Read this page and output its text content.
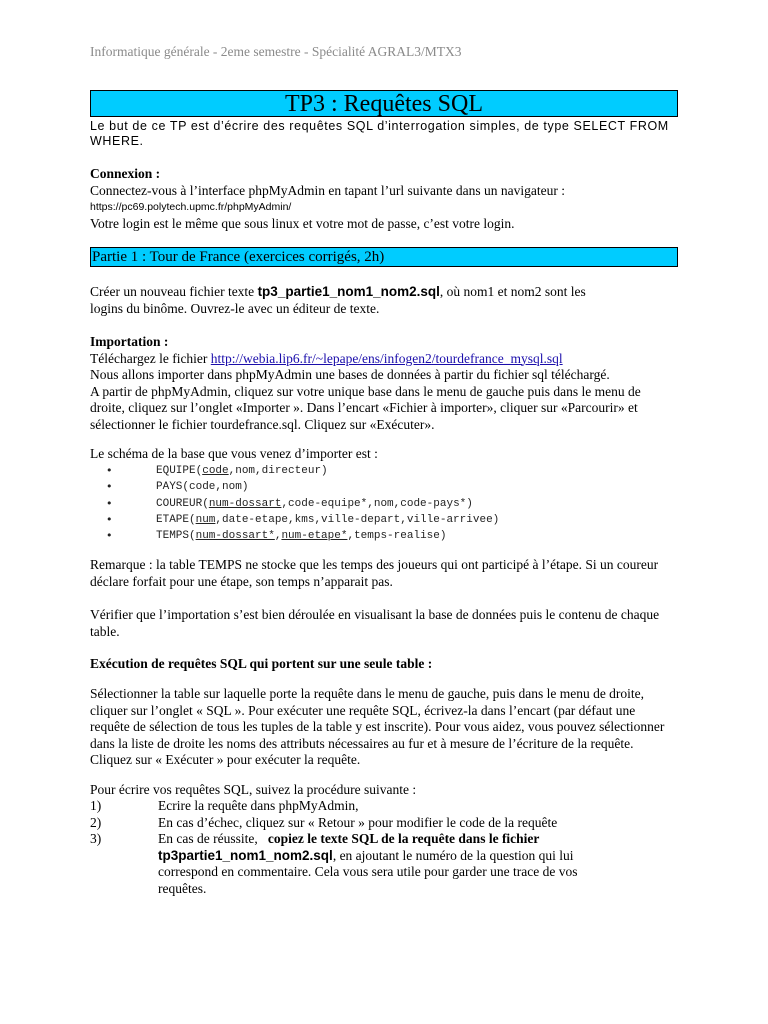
Informatique générale - 2eme semestre - Spécialité AGRAL3/MTX3
TP3 : Requêtes SQL
Le but de ce TP est d’écrire des requêtes SQL d’interrogation simples, de type SELECT FROM WHERE.
Connexion :
Connectez-vous à l’interface phpMyAdmin en tapant l’url suivante dans un navigateur :
https://pc69.polytech.upmc.fr/phpMyAdmin/
Votre login est le même que sous linux et votre mot de passe, c’est votre login.
Partie 1 : Tour de France (exercices corrigés, 2h)
Créer un nouveau fichier texte tp3_partie1_nom1_nom2.sql, où nom1 et nom2 sont les
logins du binôme. Ouvrez-le avec un éditeur de texte.
Importation :
Téléchargez le fichier http://webia.lip6.fr/~lepape/ens/infogen2/tourdefrance_mysql.sql
Nous allons importer dans phpMyAdmin une bases de données à partir du fichier sql téléchargé.
A partir de phpMyAdmin, cliquez sur votre unique base dans le menu de gauche puis dans le menu de
droite, cliquez sur l’onglet «Importer ». Dans l’encart «Fichier à importer», cliquer sur «Parcourir» et
sélectionner le fichier tourdefrance.sql. Cliquez sur «Exécuter».
Le schéma de la base que vous venez d’importer est :
•	EQUIPE(code,nom,directeur)
•	PAYS(code,nom)
•	COUREUR(num-dossart,code-equipe*,nom,code-pays*)
•	ETAPE(num,date-etape,kms,ville-depart,ville-arrivee)
•	TEMPS(num-dossart*,num-etape*,temps-realise)
Remarque : la table TEMPS ne stocke que les temps des joueurs qui ont participé à l’étape. Si un coureur
déclare forfait pour une étape, son temps n’apparait pas.
Vérifier que l’importation s’est bien déroulée en visualisant la base de données puis le contenu de chaque
table.
Exécution de requêtes SQL qui portent sur une seule table :
Sélectionner la table sur laquelle porte la requête dans le menu de gauche, puis dans le menu de droite,
cliquer sur l’onglet « SQL ». Pour exécuter une requête SQL, écrivez-la dans l’encart (par défaut une
requête de sélection de tous les tuples de la table y est inscrite). Pour vous aidez, vous pouvez sélectionner
dans la liste de droite les noms des attributs nécessaires au fur et à mesure de l’écriture de la requête.
Cliquez sur « Exécuter » pour exécuter la requête.
Pour écrire vos requêtes SQL, suivez la procédure suivante :
1)	Ecrire la requête dans phpMyAdmin,
2)	En cas d’échec, cliquez sur « Retour » pour modifier le code de la requête
3)	En cas de réussite,   copiez le texte SQL de la requête dans le fichier
tp3partie1_nom1_nom2.sql, en ajoutant le numéro de la question qui lui
correspond en commentaire. Cela vous sera utile pour garder une trace de vos
requêtes.
